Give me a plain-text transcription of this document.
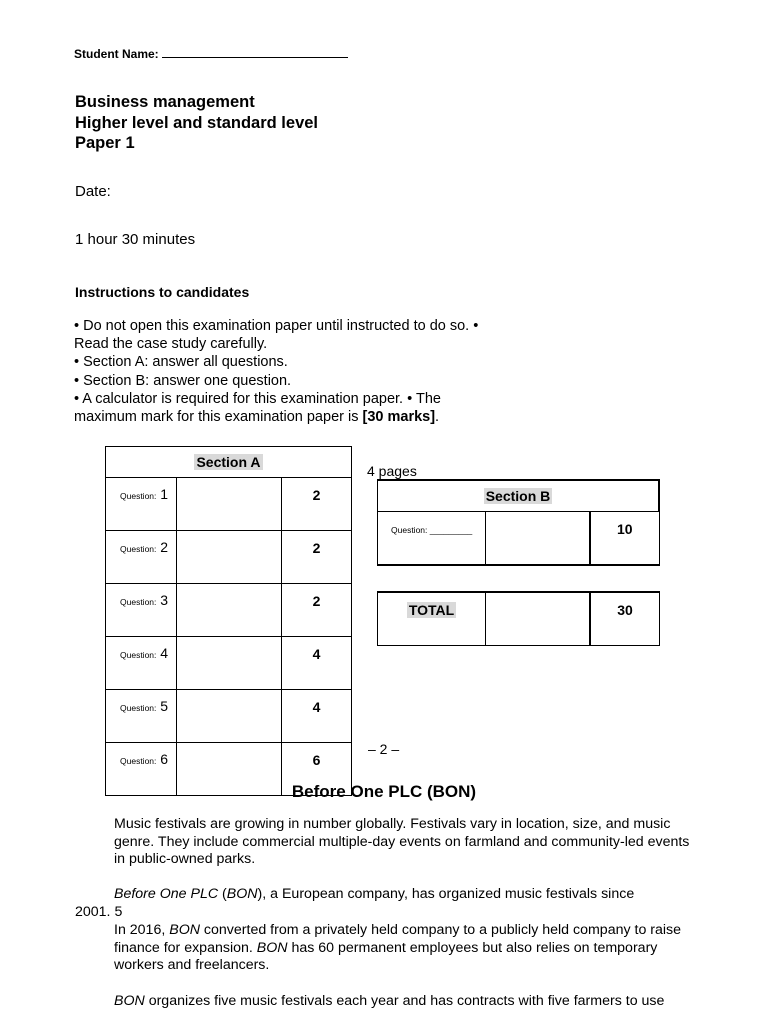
Student Name:
Business management
Higher level and standard level
Paper 1
Date:
1 hour 30 minutes
Instructions to candidates
• Do not open this examination paper until instructed to do so. •
Read the case study carefully.
• Section A: answer all questions.
• Section B: answer one question.
• A calculator is required for this examination paper. • The
maximum mark for this examination paper is [30 marks].
Section A		
Question: 1		2
Question: 2		2
Question: 3		2
Question: 4		4
Question: 5		4
Question: 6		6
4 pages
Section B
Question: _________		10
TOTAL		30
– 2 –
Before One PLC (BON)
Music festivals are growing in number globally. Festivals vary in location, size, and music genre. They include commercial multiple-day events on farmland and community-led events in public-owned parks.
Before One PLC (BON), a European company, has organized music festivals since
2001. 5
In 2016, BON converted from a privately held company to a publicly held company to raise finance for expansion. BON has 60 permanent employees but also relies on temporary workers and freelancers.
BON organizes five music festivals each year and has contracts with five farmers to use
